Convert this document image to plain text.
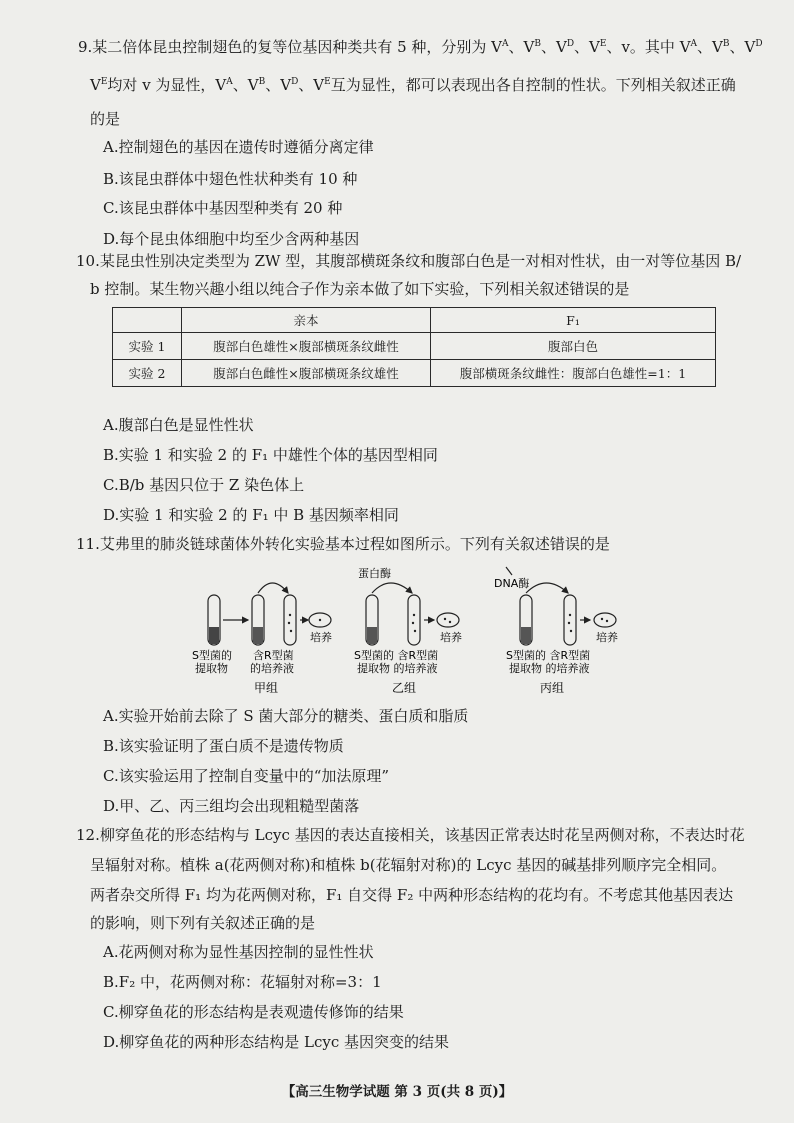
9.某二倍体昆虫控制翅色的复等位基因种类共有 5 种，分别为 $V^A$、$V^B$、$V^D$、$V^E$、v。其中 $V^A$、$V^B$、$V^D$
$V^E$均对 v 为显性，$V^A$、$V^B$、$V^D$、$V^E$互为显性，都可以表现出各自控制的性状。下列相关叙述正确
的是
A.控制翅色的基因在遗传时遵循分离定律
B.该昆虫群体中翅色性状种类有 10 种
C.该昆虫群体中基因型种类有 20 种
D.每个昆虫体细胞中均至少含两种基因
10.某昆虫性别决定类型为 ZW 型，其腹部横斑条纹和腹部白色是一对相对性状，由一对等位基因 B/
b 控制。某生物兴趣小组以纯合子作为亲本做了如下实验，下列相关叙述错误的是
	亲本	F₁
实验 1	腹部白色雄性×腹部横斑条纹雌性	腹部白色
实验 2	腹部白色雌性×腹部横斑条纹雄性	腹部横斑条纹雌性：腹部白色雄性=1：1
A.腹部白色是显性性状
B.实验 1 和实验 2 的 F₁ 中雄性个体的基因型相同
C.B/b 基因只位于 Z 染色体上
D.实验 1 和实验 2 的 F₁ 中 B 基因频率相同
11.艾弗里的肺炎链球菌体外转化实验基本过程如图所示。下列有关叙述错误的是
培养
S型菌的
提取物
含R型菌
的培养液
甲组
蛋白酶
培养
S型菌的 含R型菌
提取物 的培养液
乙组
DNA酶
培养
S型菌的 含R型菌
提取物 的培养液
丙组
A.实验开始前去除了 S 菌大部分的糖类、蛋白质和脂质
B.该实验证明了蛋白质不是遗传物质
C.该实验运用了控制自变量中的“加法原理”
D.甲、乙、丙三组均会出现粗糙型菌落
12.柳穿鱼花的形态结构与 Lcyc 基因的表达直接相关，该基因正常表达时花呈两侧对称，不表达时花
呈辐射对称。植株 a(花两侧对称)和植株 b(花辐射对称)的 Lcyc 基因的碱基排列顺序完全相同。
两者杂交所得 F₁ 均为花两侧对称，F₁ 自交得 F₂ 中两种形态结构的花均有。不考虑其他基因表达
的影响，则下列有关叙述正确的是
A.花两侧对称为显性基因控制的显性性状
B.F₂ 中，花两侧对称：花辐射对称=3：1
C.柳穿鱼花的形态结构是表观遗传修饰的结果
D.柳穿鱼花的两种形态结构是 Lcyc 基因突变的结果
【高三生物学试题 第 3 页(共 8 页)】
